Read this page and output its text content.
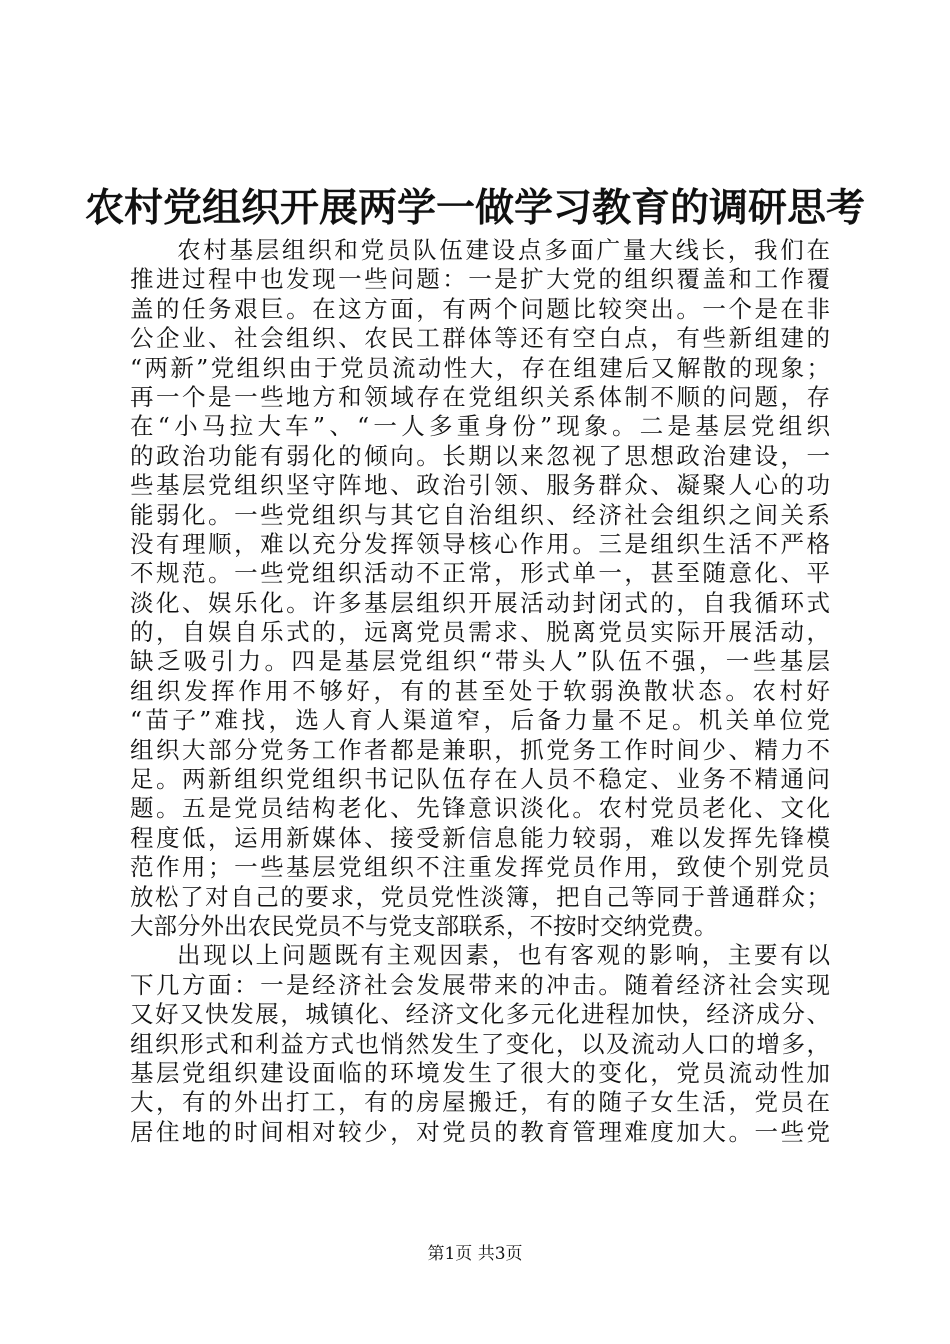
农村党组织开展两学一做学习教育的调研思考
农村基层组织和党员队伍建设点多面广量大线长，我们在
推进过程中也发现一些问题：一是扩大党的组织覆盖和工作覆
盖的任务艰巨。在这方面，有两个问题比较突出。一个是在非
公企业、社会组织、农民工群体等还有空白点，有些新组建的
“两新”党组织由于党员流动性大，存在组建后又解散的现象；
再一个是一些地方和领域存在党组织关系体制不顺的问题，存
在“小马拉大车”、“一人多重身份”现象。二是基层党组织
的政治功能有弱化的倾向。长期以来忽视了思想政治建设，一
些基层党组织坚守阵地、政治引领、服务群众、凝聚人心的功
能弱化。一些党组织与其它自治组织、经济社会组织之间关系
没有理顺，难以充分发挥领导核心作用。三是组织生活不严格
不规范。一些党组织活动不正常，形式单一，甚至随意化、平
淡化、娱乐化。许多基层组织开展活动封闭式的，自我循环式
的，自娱自乐式的，远离党员需求、脱离党员实际开展活动，
缺乏吸引力。四是基层党组织“带头人”队伍不强，一些基层
组织发挥作用不够好，有的甚至处于软弱涣散状态。农村好
“苗子”难找，选人育人渠道窄，后备力量不足。机关单位党
组织大部分党务工作者都是兼职，抓党务工作时间少、精力不
足。两新组织党组织书记队伍存在人员不稳定、业务不精通问
题。五是党员结构老化、先锋意识淡化。农村党员老化、文化
程度低，运用新媒体、接受新信息能力较弱，难以发挥先锋模
范作用；一些基层党组织不注重发挥党员作用，致使个别党员
放松了对自己的要求，党员党性淡簿，把自己等同于普通群众；
大部分外出农民党员不与党支部联系，不按时交纳党费。
出现以上问题既有主观因素，也有客观的影响，主要有以
下几方面：一是经济社会发展带来的冲击。随着经济社会实现
又好又快发展，城镇化、经济文化多元化进程加快，经济成分、
组织形式和利益方式也悄然发生了变化，以及流动人口的增多，
基层党组织建设面临的环境发生了很大的变化，党员流动性加
大，有的外出打工，有的房屋搬迁，有的随子女生活，党员在
居住地的时间相对较少，对党员的教育管理难度加大。一些党
第1页 共3页
